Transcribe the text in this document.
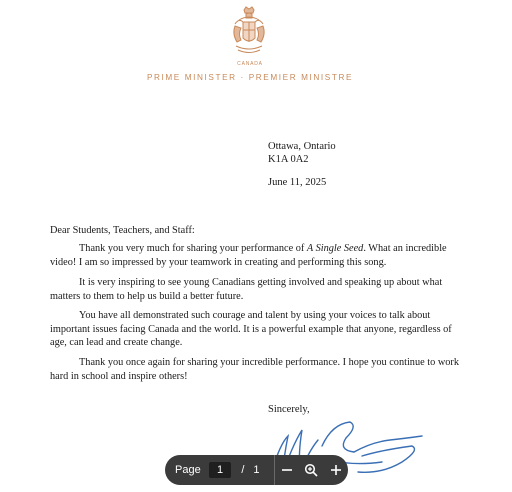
CANADA
PRIME MINISTER · PREMIER MINISTRE
Ottawa, Ontario
K1A 0A2
June 11, 2025
Dear Students, Teachers, and Staff:
Thank you very much for sharing your performance of A Single Seed. What an incredible
video! I am so impressed by your teamwork in creating and performing this song.
It is very inspiring to see young Canadians getting involved and speaking up about what
matters to them to help us build a better future.
You have all demonstrated such courage and talent by using your voices to talk about
important issues facing Canada and the world. It is a powerful example that anyone, regardless of
age, can lead and create change.
Thank you once again for sharing your incredible performance. I hope you continue to work
hard in school and inspire others!
Sincerely,
Page	1	/ 1
